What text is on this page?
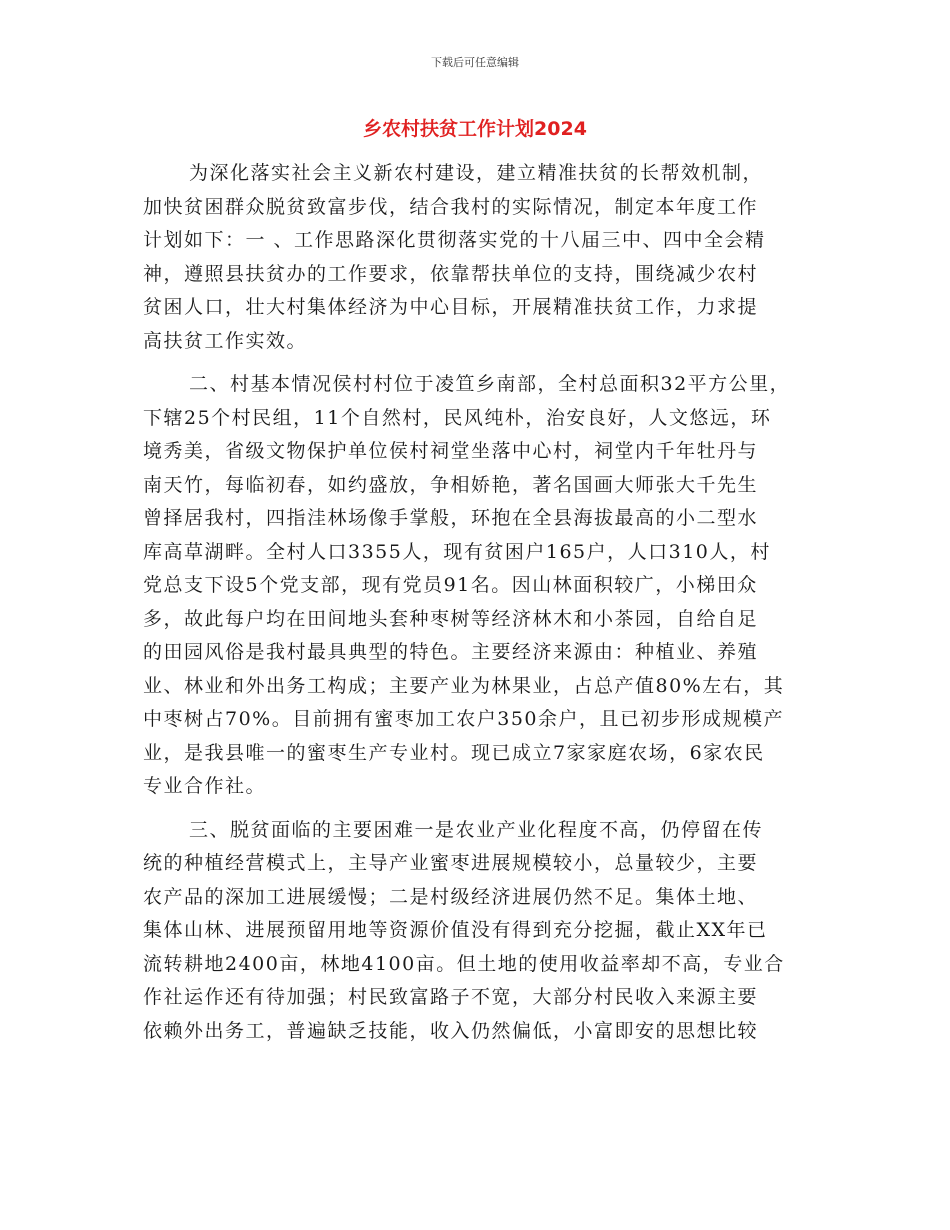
下载后可任意编辑
乡农村扶贫工作计划2024
为深化落实社会主义新农村建设，建立精准扶贫的长帮效机制，
加快贫困群众脱贫致富步伐，结合我村的实际情况，制定本年度工作
计划如下：一 、工作思路深化贯彻落实党的十八届三中、四中全会精
神，遵照县扶贫办的工作要求，依靠帮扶单位的支持，围绕减少农村
贫困人口，壮大村集体经济为中心目标，开展精准扶贫工作，力求提
高扶贫工作实效。
二、村基本情况侯村村位于凌笪乡南部，全村总面积32平方公里，
下辖25个村民组，11个自然村，民风纯朴，治安良好，人文悠远，环
境秀美，省级文物保护单位侯村祠堂坐落中心村，祠堂内千年牡丹与
南天竹，每临初春，如约盛放，争相娇艳，著名国画大师张大千先生
曾择居我村，四指洼林场像手掌般，环抱在全县海拔最高的小二型水
库高草湖畔。全村人口3355人，现有贫困户165户，人口310人，村
党总支下设5个党支部，现有党员91名。因山林面积较广，小梯田众
多，故此每户均在田间地头套种枣树等经济林木和小茶园，自给自足
的田园风俗是我村最具典型的特色。主要经济来源由：种植业、养殖
业、林业和外出务工构成；主要产业为林果业，占总产值80%左右，其
中枣树占70%。目前拥有蜜枣加工农户350余户，且已初步形成规模产
业，是我县唯一的蜜枣生产专业村。现已成立7家家庭农场，6家农民
专业合作社。
三、脱贫面临的主要困难一是农业产业化程度不高，仍停留在传
统的种植经营模式上，主导产业蜜枣进展规模较小，总量较少，主要
农产品的深加工进展缓慢；二是村级经济进展仍然不足。集体土地、
集体山林、进展预留用地等资源价值没有得到充分挖掘，截止XX年已
流转耕地2400亩，林地4100亩。但土地的使用收益率却不高，专业合
作社运作还有待加强；村民致富路子不宽，大部分村民收入来源主要
依赖外出务工，普遍缺乏技能，收入仍然偏低，小富即安的思想比较
